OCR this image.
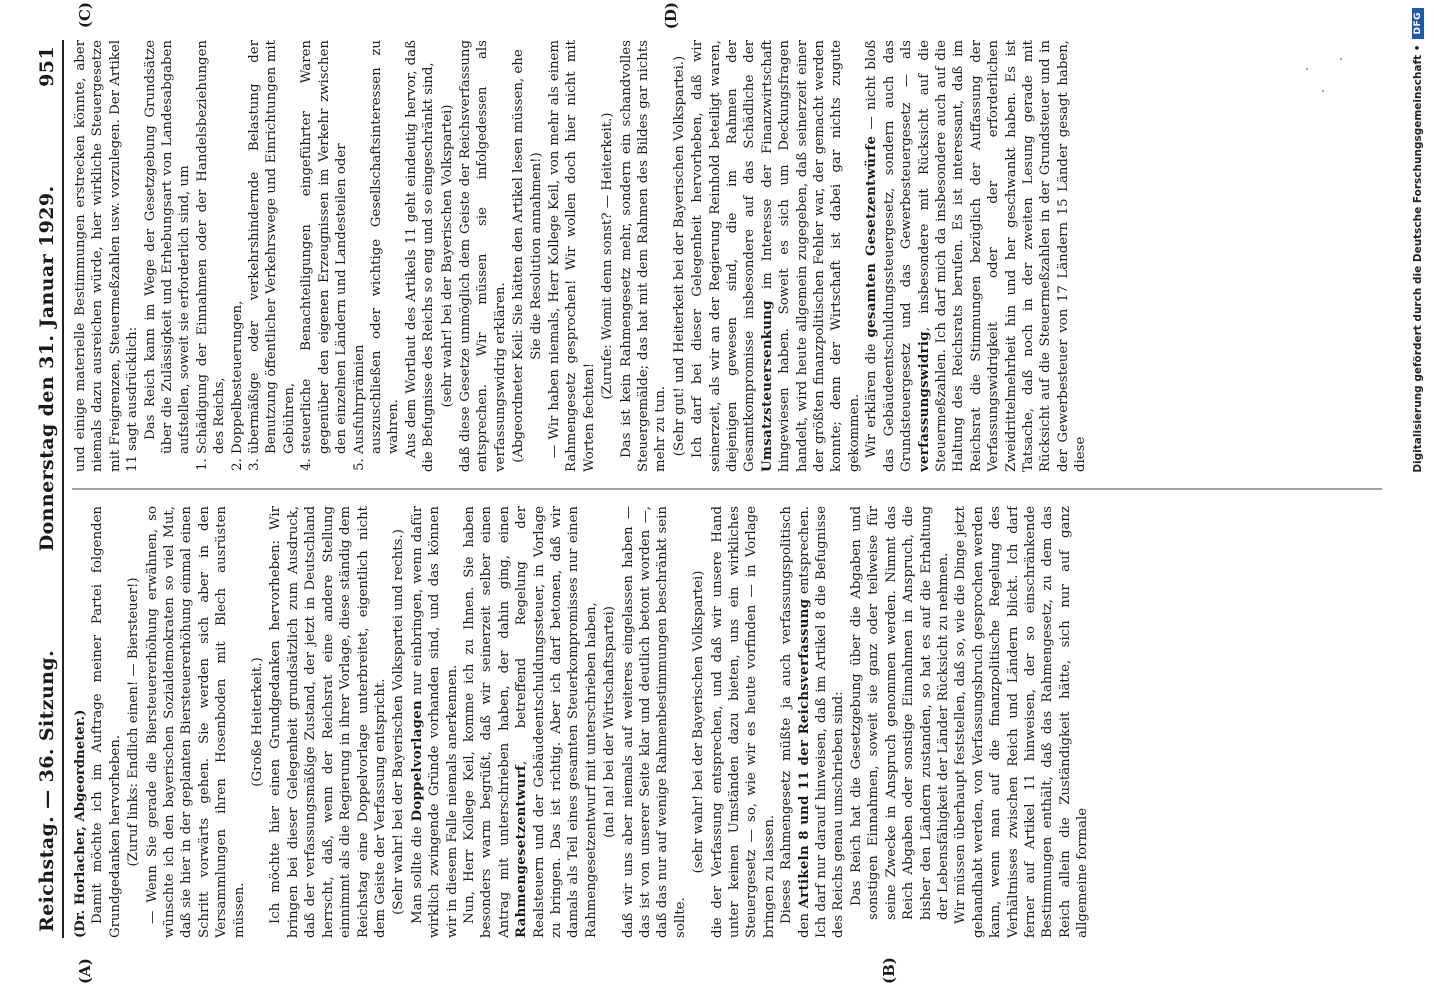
Reichstag. — 36. Sitzung.
Donnerstag den 31. Januar 1929.
951
(A)	(B)
(C)	(D)

(Dr. Horlacher, Abgeordneter.) Damit möchte ich im Auftrage meiner Partei folgenden Grundgedanken hervorheben. (Zuruf links: Endlich einen! — Biersteuer!) — Wenn Sie gerade die Biersteuererhöhung erwähnen, so wünschte ich den bayerischen Sozialdemokraten so viel Mut, daß sie hier in der geplanten Biersteuererhöhung einmal einen Schritt vorwärts gehen. Sie werden sich aber in den Versammlungen ihren Hosenboden mit Blech ausrüsten müssen.

(Große Heiterkeit.) Ich möchte hier einen Grundgedanken hervorheben: Wir bringen bei dieser Gelegenheit grundsätzlich zum Ausdruck, daß der verfassungsmäßige Zustand, der jetzt in Deutschland herrscht, daß, wenn der Reichsrat eine andere Stellung einnimmt als die Regierung in ihrer Vorlage, diese ständig dem Reichstag eine Doppelvorlage unterbreitet, eigentlich nicht dem Geiste der Verfassung entspricht. (Sehr wahr! bei der Bayerischen Volkspartei und rechts.) Man sollte die Doppelvorlagen nur einbringen, wenn dafür wirklich zwingende Gründe vorhanden sind, und das können wir in diesem Falle niemals anerkennen. Nun, Herr Kollege Keil, komme ich zu Ihnen. Sie haben besonders warm begrüßt, daß wir seinerzeit selber einen Antrag mit unterschrieben haben, der dahin ging, einen Rahmengesetzentwurf, betreffend Regelung der Realsteuern und der Gebäudeentschuldungssteuer, in Vorlage zu bringen. Das ist richtig. Aber ich darf betonen, daß wir damals als Teil eines gesamten Steuerkompromisses nur einen Rahmengesetzentwurf mit unterschrieben haben, (na! na! bei der Wirtschaftspartei) daß wir uns aber niemals auf weiteres eingelassen haben — das ist von unserer Seite klar und deutlich betont worden —, daß das nur auf wenige Rahmenbestimmungen beschränkt sein sollte.

(sehr wahr! bei der Bayerischen Volkspartei) die der Verfassung entsprechen, und daß wir unsere Hand unter keinen Umständen dazu bieten, uns ein wirkliches Steuergesetz — so, wie wir es heute vorfinden — in Vorlage bringen zu lassen. Dieses Rahmengesetz müßte ja auch verfassungspolitisch den Artikeln 8 und 11 der Reichsverfassung entsprechen. Ich darf nur darauf hinweisen, daß im Artikel 8 die Befugnisse des Reichs genau umschrieben sind: Das Reich hat die Gesetzgebung über die Abgaben und sonstigen Einnahmen, soweit sie ganz oder teilweise für seine Zwecke in Anspruch genommen werden. Nimmt das Reich Abgaben oder sonstige Einnahmen in Anspruch, die bisher den Ländern zustanden, so hat es auf die Erhaltung der Lebensfähigkeit der Länder Rücksicht zu nehmen. Wir müssen überhaupt feststellen, daß so, wie die Dinge jetzt gehandhabt werden, von Verfassungsbruch gesprochen werden kann, wenn man auf die finanzpolitische Regelung des Verhältnisses zwischen Reich und Ländern blickt. Ich darf ferner auf Artikel 11 hinweisen, der so einschränkende Bestimmungen enthält, daß das Rahmengesetz, zu dem das Reich allein die Zuständigkeit hätte, sich nur auf ganz allgemeine formale

und einige materielle Bestimmungen erstrecken könnte, aber niemals dazu ausreichen würde, hier wirkliche Steuergesetze mit Freigrenzen, Steuermeßzahlen usw. vorzulegen. Der Artikel 11 sagt ausdrücklich: Das Reich kann im Wege der Gesetzgebung Grundsätze über die Zulässigkeit und Erhebungsart von Landesabgaben aufstellen, soweit sie erforderlich sind, um 1. Schädigung der Einnahmen oder der Handelsbeziehungen des Reichs, 2. Doppelbesteuerungen, 3. übermäßige oder verkehrshindernde Belastung der Benutzung öffentlicher Verkehrswege und Einrichtungen mit Gebühren, 4. steuerliche Benachteiligungen eingeführter Waren gegenüber den eigenen Erzeugnissen im Verkehr zwischen den einzelnen Ländern und Landesteilen oder 5. Ausfuhrprämien auszuschließen oder wichtige Gesellschaftsinteressen zu wahren. Aus dem Wortlaut des Artikels 11 geht eindeutig hervor, daß die Befugnisse des Reichs so eng und so eingeschränkt sind, (sehr wahr! bei der Bayerischen Volkspartei) daß diese Gesetze unmöglich dem Geiste der Reichsverfassung entsprechen. Wir müssen sie infolgedessen als verfassungswidrig erklären. (Abgeordneter Keil: Sie hätten den Artikel lesen müssen, ehe Sie die Resolution annahmen!) — Wir haben niemals, Herr Kollege Keil, von mehr als einem Rahmengesetz gesprochen! Wir wollen doch hier nicht mit Worten fechten!

(Zurufe: Womit denn sonst? — Heiterkeit.) Das ist kein Rahmengesetz mehr, sondern ein schandvolles Steuergemälde; das hat mit dem Rahmen des Bildes gar nichts mehr zu tun. (Sehr gut! und Heiterkeit bei der Bayerischen Volkspartei.) Ich darf bei dieser Gelegenheit hervorheben, daß wir seinerzeit, als wir an der Regierung Reinhold beteiligt waren, diejenigen gewesen sind, die im Rahmen der Gesamtkompromisse insbesondere auf das Schädliche der Umsatzsteuersenkung im Interesse der Finanzwirtschaft hingewiesen haben. Soweit es sich um Deckungsfragen handelt, wird heute allgemein zugegeben, daß seinerzeit einer der größten finanzpolitischen Fehler war, der gemacht werden konnte; denn der Wirtschaft ist dabei gar nichts zugute gekommen. Wir erklären die gesamten Gesetzentwürfe — nicht bloß das Gebäudeentschuldungssteuergesetz, sondern auch das Grundsteuergesetz und das Gewerbesteuergesetz — als verfassungswidrig, insbesondere mit Rücksicht auf die Steuermeßzahlen. Ich darf mich da insbesondere auch auf die Haltung des Reichsrats berufen. Es ist interessant, daß im Reichsrat die Stimmungen bezüglich der Auffassung der Verfassungswidrigkeit oder der erforderlichen Zweidrittelmehrheit hin und her geschwankt haben. Es ist Tatsache, daß noch in der zweiten Lesung gerade mit Rücksicht auf die Steuermeßzahlen in der Grundsteuer und in der Gewerbesteuer von 17 Ländern 15 Länder gesagt haben, diese	Digitalisierung gefördert durch die Deutsche Forschungsgemeinschaft •
DFG
